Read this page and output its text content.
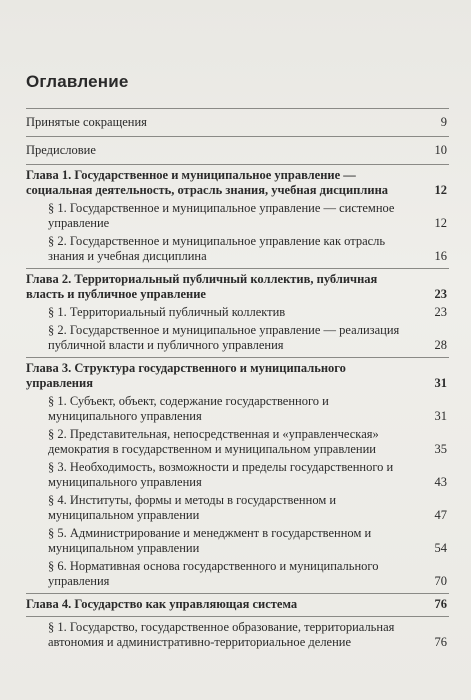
Оглавление
Принятые сокращения	9
Предисловие	10
Глава 1. Государственное и муниципальное управление — социальная деятельность, отрасль знания, учебная дисциплина	12
§ 1. Государственное и муниципальное управление — системное управление	12
§ 2. Государственное и муниципальное управление как отрасль знания и учебная дисциплина	16
Глава 2. Территориальный публичный коллектив, публичная власть и публичное управление	23
§ 1. Территориальный публичный коллектив	23
§ 2. Государственное и муниципальное управление — реализация публичной власти и публичного управления	28
Глава 3. Структура государственного и муниципального управления	31
§ 1. Субъект, объект, содержание государственного и муниципального управления	31
§ 2. Представительная, непосредственная и «управленческая» демократия в государственном и муниципальном управлении	35
§ 3. Необходимость, возможности и пределы государственного и муниципального управления	43
§ 4. Институты, формы и методы в государственном и муниципальном управлении	47
§ 5. Администрирование и менеджмент в государственном и муниципальном управлении	54
§ 6. Нормативная основа государственного и муниципального управления	70
Глава 4. Государство как управляющая система	76
§ 1. Государство, государственное образование, территориальная автономия и административно-территориальное деление	76
